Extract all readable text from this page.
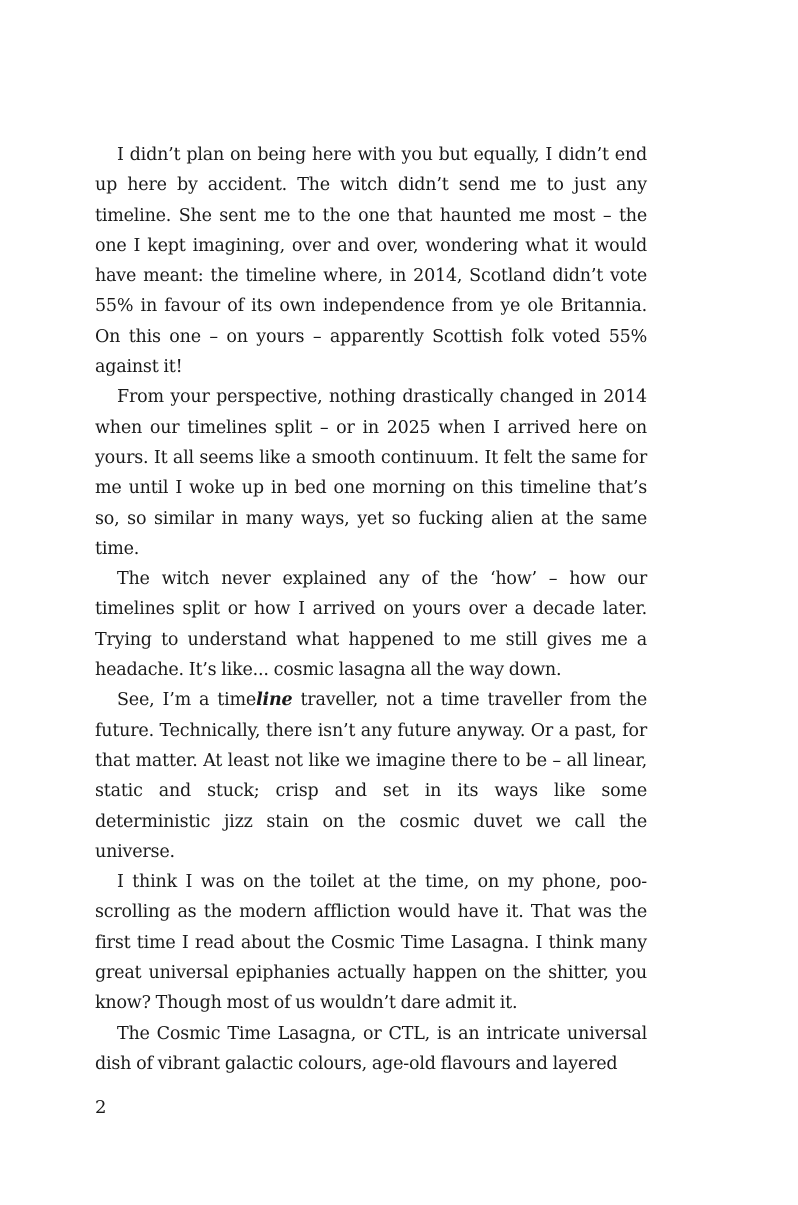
I didn’t plan on being here with you but equally, I didn’t end up here by accident. The witch didn’t send me to just any timeline. She sent me to the one that haunted me most – the one I kept imagining, over and over, wondering what it would have meant: the timeline where, in 2014, Scotland didn’t vote 55% in favour of its own independence from ye ole Britannia. On this one – on yours – apparently Scottish folk voted 55% against it!

From your perspective, nothing drastically changed in 2014 when our timelines split – or in 2025 when I arrived here on yours. It all seems like a smooth continuum. It felt the same for me until I woke up in bed one morning on this timeline that’s so, so similar in many ways, yet so fucking alien at the same time.

The witch never explained any of the ‘how’ – how our timelines split or how I arrived on yours over a decade later. Trying to understand what happened to me still gives me a headache. It’s like... cosmic lasagna all the way down.

See, I’m a timeline traveller, not a time traveller from the future. Technically, there isn’t any future anyway. Or a past, for that matter. At least not like we imagine there to be – all linear, static and stuck; crisp and set in its ways like some deterministic jizz stain on the cosmic duvet we call the universe.

I think I was on the toilet at the time, on my phone, poo-scrolling as the modern affliction would have it. That was the first time I read about the Cosmic Time Lasagna. I think many great universal epiphanies actually happen on the shitter, you know? Though most of us wouldn’t dare admit it.

The Cosmic Time Lasagna, or CTL, is an intricate universal dish of vibrant galactic colours, age-old flavours and layered

2
